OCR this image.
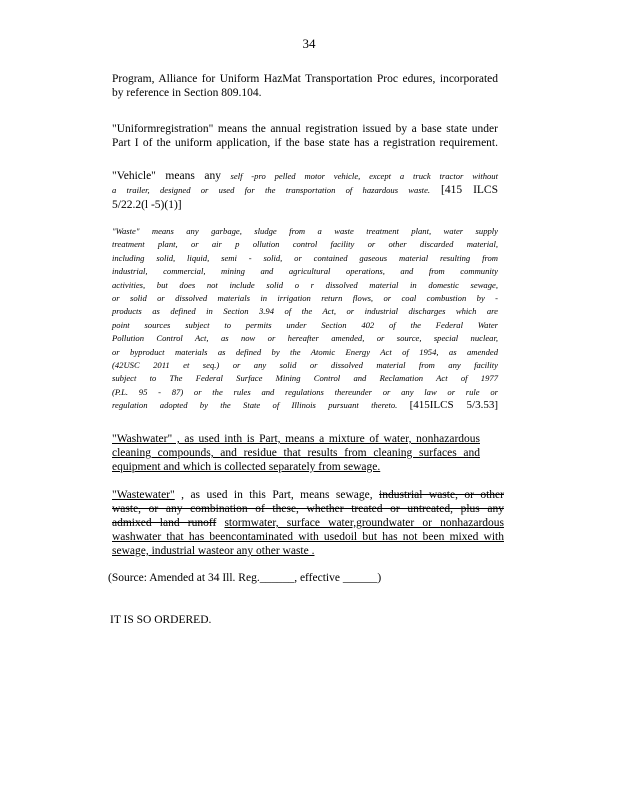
34
Program, Alliance for Uniform HazMat Transportation Proc edures, incorporated
by reference in Section 809.104.
"Uniformregistration" means the annual registration issued by a base state under
Part I of the uniform application, if the base state has a registration requirement.
"Vehicle" means any self -pro pelled motor vehicle, except a truck tractor without
a trailer, designed or used for the transportation of hazardous waste. [415 ILCS
5/22.2(l -5)(1)]
"Waste" means any garbage, sludge from a waste treatment plant, water supply
treatment plant, or air p ollution control facility or other discarded material,
including solid, liquid, semi - solid, or contained gaseous material resulting from
industrial, commercial, mining and agricultural operations, and from community
activities, but does not include solid o r dissolved material in domestic sewage,
or solid or dissolved materials in irrigation return flows, or coal combustion by -
products as defined in Section 3.94 of the Act, or industrial discharges which are
point sources subject to permits under Section 402 of the Federal Water
Pollution Control Act, as now or hereafter amended, or source, special nuclear,
or byproduct materials as defined by the Atomic Energy Act of 1954, as amended
(42USC 2011 et seq.) or any solid or dissolved material from any facility
subject to The Federal Surface Mining Control and Reclamation Act of 1977
(P.L. 95 - 87) or the rules and regulations thereunder or any law or rule or
regulation adopted by the State of Illinois pursuant thereto. [415ILCS 5/3.53]
"Washwater" , as used inth is Part, means a mixture of water, nonhazardous
cleaning compounds, and residue that results from cleaning surfaces and
equipment and which is collected separately from sewage.
"Wastewater" , as used in this Part, means sewage, industrial waste, or other
waste, or any combination of these, whether treated or untreated, plus any
admixed land runoff stormwater, surface water,groundwater or nonhazardous
washwater that has beencontaminated with usedoil but has not been mixed with
sewage, industrial wasteor any other waste .
(Source: Amended at 34 Ill. Reg.______, effective ______)
IT IS SO ORDERED.
